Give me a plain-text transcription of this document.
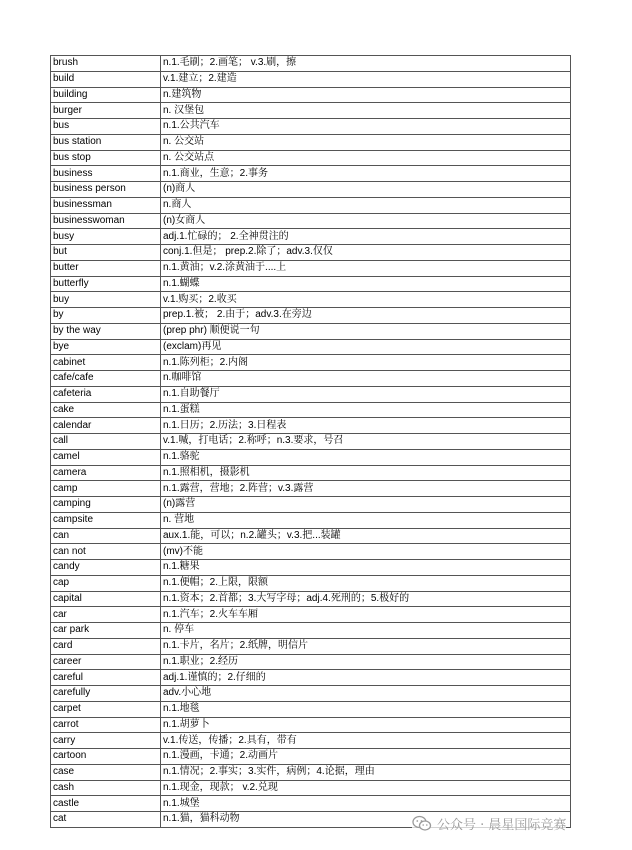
brush	n.1.毛刷；2.画笔； v.3.刷，擦
build	v.1.建立；2.建造
building	n.建筑物
burger	n. 汉堡包
bus	n.1.公共汽车
bus station	n. 公交站
bus stop	n. 公交站点
business	n.1.商业，生意；2.事务
business person	(n)商人
businessman	n.商人
businesswoman	(n)女商人
busy	adj.1.忙碌的； 2.全神贯注的
but	conj.1.但是； prep.2.除了；adv.3.仅仅
butter	n.1.黄油；v.2.涂黄油于....上
butterfly	n.1.蝴蝶
buy	v.1.购买；2.收买
by	prep.1.被； 2.由于；adv.3.在旁边
by the way	(prep phr) 顺便说一句
bye	(exclam)再见
cabinet	n.1.陈列柜；2.内阁
cafe/cafe	n.咖啡馆
cafeteria	n.1.自助餐厅
cake	n.1.蛋糕
calendar	n.1.日历；2.历法；3.日程表
call	v.1.喊，打电话；2.称呼；n.3.要求，号召
camel	n.1.骆驼
camera	n.1.照相机，摄影机
camp	n.1.露营，营地；2.阵营；v.3.露营
camping	(n)露营
campsite	n. 营地
can	aux.1.能，可以；n.2.罐头；v.3.把...装罐
can not	(mv)不能
candy	n.1.糖果
cap	n.1.便帽；2.上限，限额
capital	n.1.资本；2.首都；3.大写字母；adj.4.死刑的；5.极好的
car	n.1.汽车；2.火车车厢
car park	n. 停车
card	n.1.卡片，名片；2.纸牌，明信片
career	n.1.职业；2.经历
careful	adj.1.谨慎的；2.仔细的
carefully	adv.小心地
carpet	n.1.地毯
carrot	n.1.胡萝卜
carry	v.1.传送，传播；2.具有，带有
cartoon	n.1.漫画，卡通；2.动画片
case	n.1.情况；2.事实；3.实件，病例；4.论据，理由
cash	n.1.现金，现款； v.2.兑现
castle	n.1.城堡
cat	n.1.猫，猫科动物	公众号 · 晨星国际竞赛
